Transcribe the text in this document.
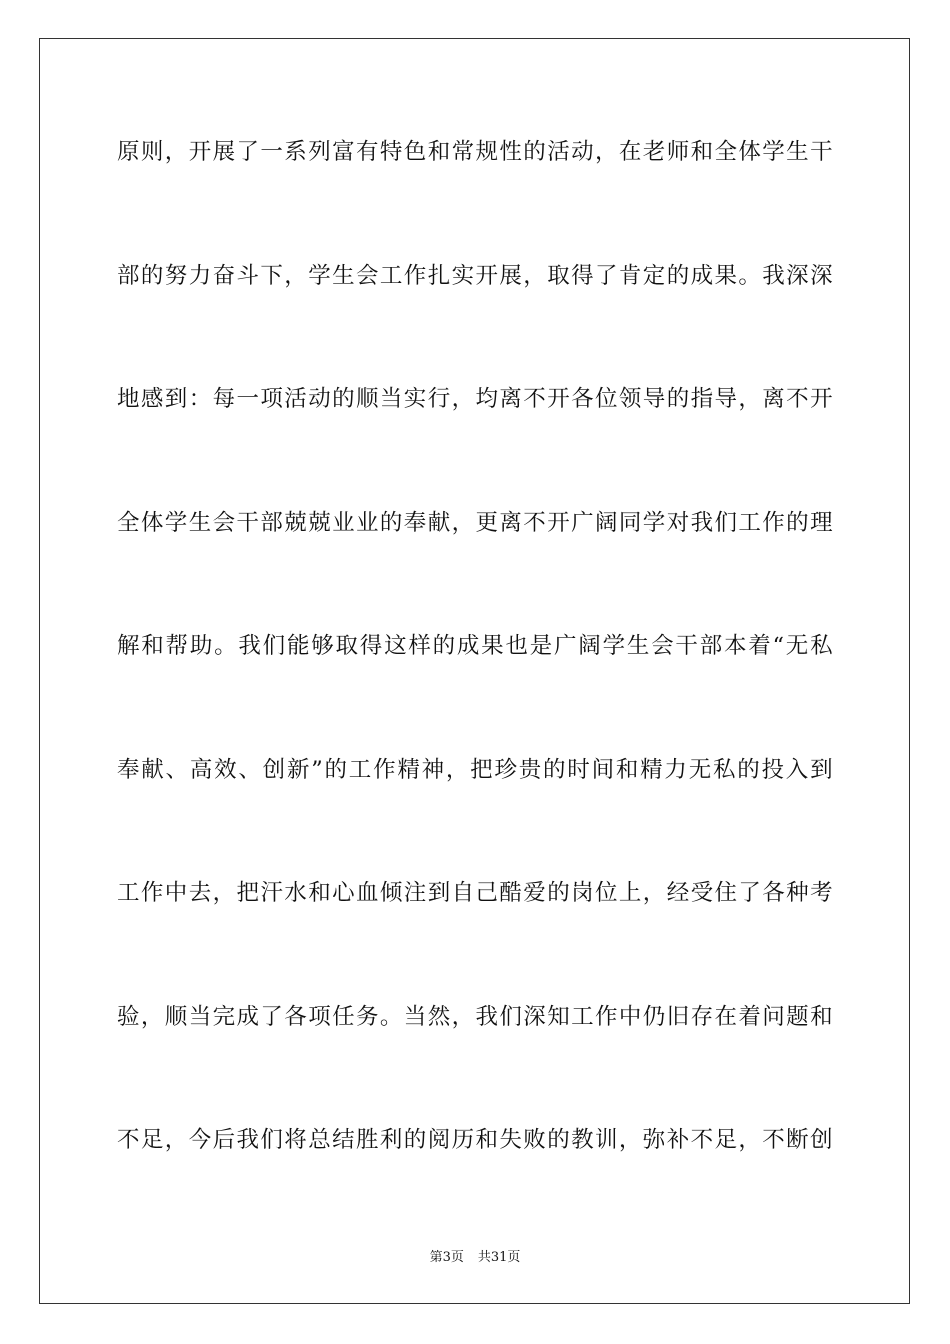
原则，开展了一系列富有特色和常规性的活动，在老师和全体学生干
部的努力奋斗下，学生会工作扎实开展，取得了肯定的成果。我深深
地感到：每一项活动的顺当实行，均离不开各位领导的指导，离不开
全体学生会干部兢兢业业的奉献，更离不开广阔同学对我们工作的理
解和帮助。我们能够取得这样的成果也是广阔学生会干部本着“无私
奉献、高效、创新”的工作精神，把珍贵的时间和精力无私的投入到
工作中去，把汗水和心血倾注到自己酷爱的岗位上，经受住了各种考
验，顺当完成了各项任务。当然，我们深知工作中仍旧存在着问题和
不足，今后我们将总结胜利的阅历和失败的教训，弥补不足，不断创
第3页 共31页
